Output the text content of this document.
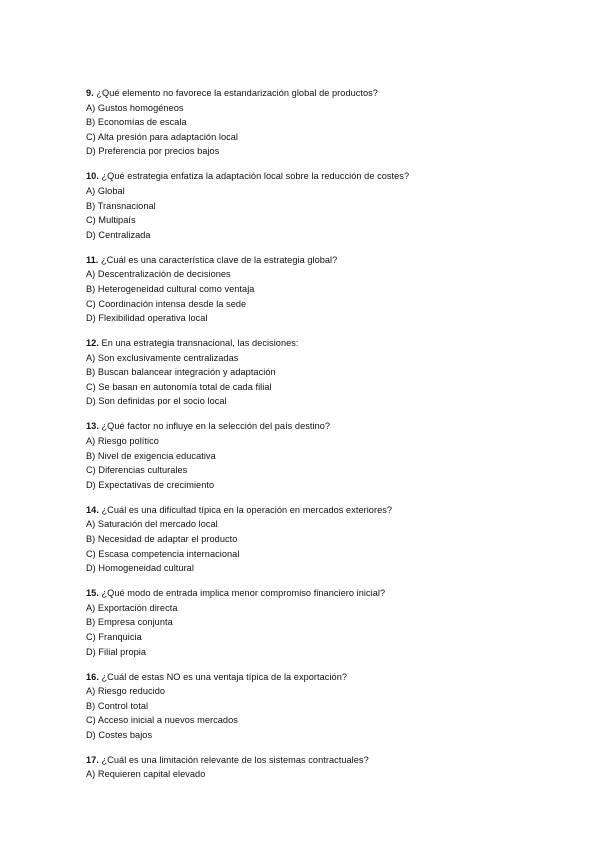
9. ¿Qué elemento no favorece la estandarización global de productos?
A) Gustos homogéneos
B) Economías de escala
C) Alta presión para adaptación local
D) Preferencia por precios bajos
10. ¿Qué estrategia enfatiza la adaptación local sobre la reducción de costes?
A) Global
B) Transnacional
C) Multipaís
D) Centralizada
11. ¿Cuál es una característica clave de la estrategia global?
A) Descentralización de decisiones
B) Heterogeneidad cultural como ventaja
C) Coordinación intensa desde la sede
D) Flexibilidad operativa local
12. En una estrategia transnacional, las decisiones:
A) Son exclusivamente centralizadas
B) Buscan balancear integración y adaptación
C) Se basan en autonomía total de cada filial
D) Son definidas por el socio local
13. ¿Qué factor no influye en la selección del país destino?
A) Riesgo político
B) Nivel de exigencia educativa
C) Diferencias culturales
D) Expectativas de crecimiento
14. ¿Cuál es una dificultad típica en la operación en mercados exteriores?
A) Saturación del mercado local
B) Necesidad de adaptar el producto
C) Escasa competencia internacional
D) Homogeneidad cultural
15. ¿Qué modo de entrada implica menor compromiso financiero inicial?
A) Exportación directa
B) Empresa conjunta
C) Franquicia
D) Filial propia
16. ¿Cuál de estas NO es una ventaja típica de la exportación?
A) Riesgo reducido
B) Control total
C) Acceso inicial a nuevos mercados
D) Costes bajos
17. ¿Cuál es una limitación relevante de los sistemas contractuales?
A) Requieren capital elevado
